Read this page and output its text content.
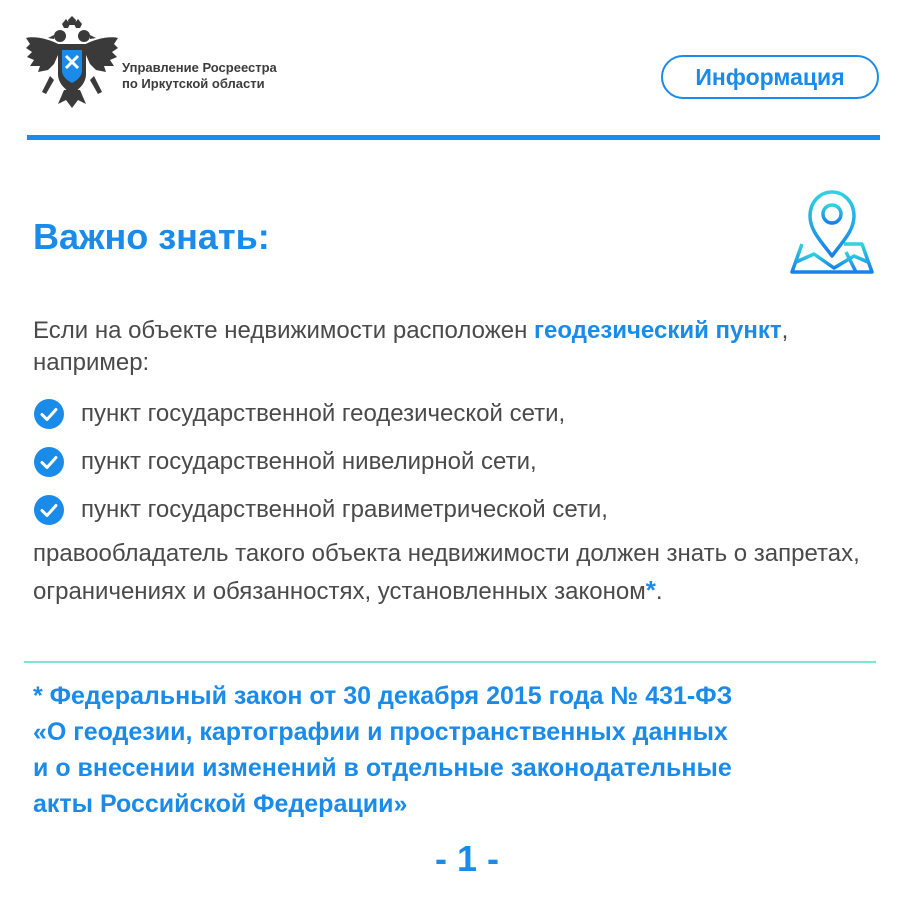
Управление Росреестра
по Иркутской области	Информация
Важно знать:
Если на объекте недвижимости расположен геодезический пункт, например:
пункт государственной геодезической сети,
пункт государственной нивелирной сети,
пункт государственной гравиметрической сети,
правообладатель такого объекта недвижимости должен знать о запретах, ограничениях и обязанностях, установленных законом*.
* Федеральный закон от 30 декабря 2015 года № 431-ФЗ
«О геодезии, картографии и пространственных данных
и о внесении изменений в отдельные законодательные
акты Российской Федерации»
- 1 -
